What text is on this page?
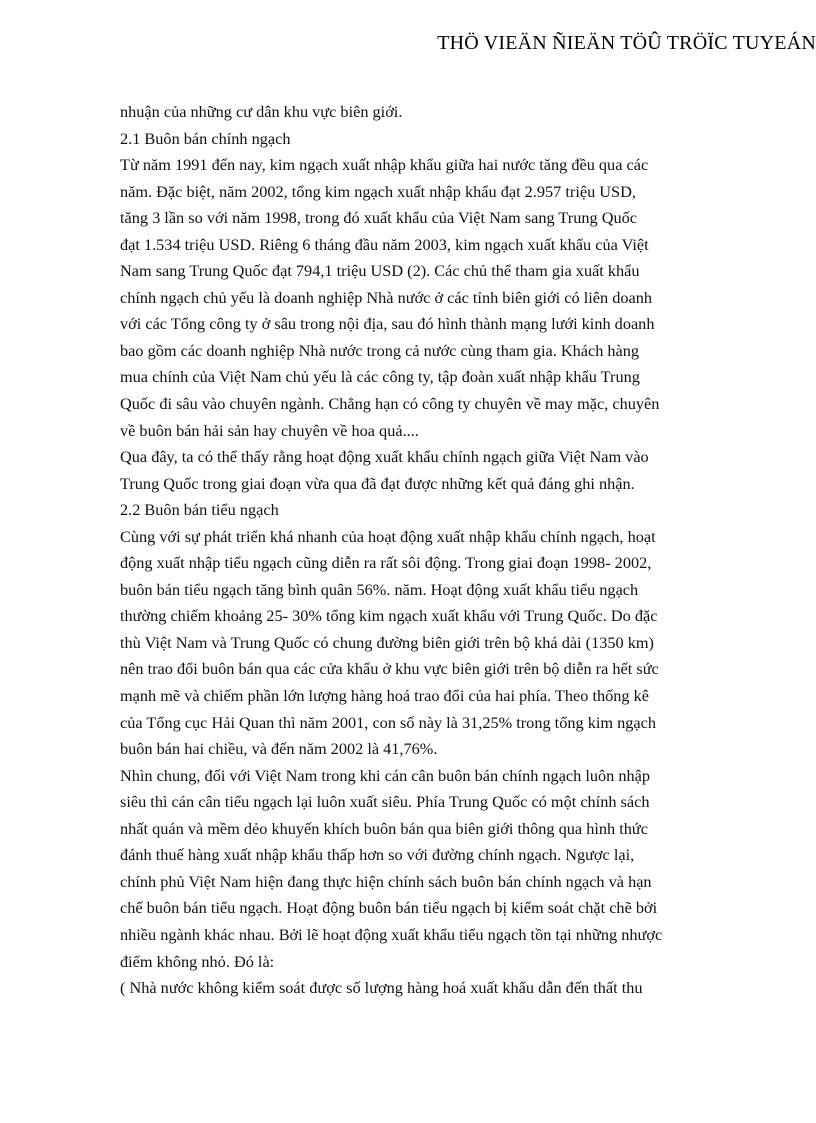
THÖ VIEÄN ÑIEÄN TÖÛ TRÖÏC TUYEÁN
nhuận của những cư dân khu vực biên giới.
2.1 Buôn bán chính ngạch
Từ năm 1991 đến nay, kim ngạch xuất nhập khẩu giữa hai nước tăng đều qua các
năm. Đặc biệt, năm 2002, tổng kim ngạch xuất nhập khẩu đạt 2.957 triệu USD,
tăng 3 lần so với năm 1998, trong đó xuất khẩu của Việt Nam sang Trung Quốc
đạt 1.534 triệu USD. Riêng 6 tháng đầu năm 2003, kim ngạch xuất khẩu của Việt
Nam sang Trung Quốc đạt 794,1 triệu USD (2). Các chủ thể tham gia xuất khẩu
chính ngạch chủ yếu là doanh nghiệp Nhà nước ở các tỉnh biên giới có liên doanh
với các Tổng công ty ở sâu trong nội địa, sau đó hình thành mạng lưới kinh doanh
bao gồm các doanh nghiệp Nhà nước trong cả nước cùng tham gia. Khách hàng
mua chính của Việt Nam chủ yếu là các công ty, tập đoàn xuất nhập khẩu Trung
Quốc đi sâu vào chuyên ngành. Chẳng hạn có công ty chuyên về may mặc, chuyên
về buôn bán hải sản hay chuyên về hoa quả....
Qua đây, ta có thể thấy rằng hoạt động xuất khẩu chính ngạch giữa Việt Nam vào
Trung Quốc trong giai đoạn vừa qua đã đạt được những kết quả đáng ghi nhận.
2.2 Buôn bán tiểu ngạch
Cùng với sự phát triển khá nhanh của hoạt động xuất nhập khẩu chính ngạch, hoạt
động xuất nhập tiểu ngạch cũng diễn ra rất sôi động. Trong giai đoạn 1998- 2002,
buôn bán tiểu ngạch tăng bình quân 56%. năm. Hoạt động xuất khẩu tiểu ngạch
thường chiếm khoảng 25- 30% tổng kim ngạch xuất khẩu với Trung Quốc. Do đặc
thù Việt Nam và Trung Quốc có chung đường biên giới trên bộ khá dài (1350 km)
nên trao đổi buôn bán qua các cửa khẩu ở khu vực biên giới trên bộ diễn ra hết sức
mạnh mẽ và chiếm phần lớn lượng hàng hoá trao đổi của hai phía. Theo thống kê
của Tổng cục Hải Quan thì năm 2001, con số này là 31,25% trong tổng kim ngạch
buôn bán hai chiều, và đến năm 2002 là 41,76%.
Nhìn chung, đối với Việt Nam trong khi cán cân buôn bán chính ngạch luôn nhập
siêu thì cán cân tiểu ngạch lại luôn xuất siêu. Phía Trung Quốc có một chính sách
nhất quán và mềm dẻo khuyến khích buôn bán qua biên giới thông qua hình thức
đánh thuế hàng xuất nhập khẩu thấp hơn so với đường chính ngạch. Ngược lại,
chính phủ Việt Nam hiện đang thực hiện chính sách buôn bán chính ngạch và hạn
chế buôn bán tiểu ngạch. Hoạt động buôn bán tiểu ngạch bị kiểm soát chặt chẽ bởi
nhiều ngành khác nhau. Bởi lẽ hoạt động xuất khẩu tiểu ngạch tồn tại những nhược
điểm không nhỏ. Đó là:
( Nhà nước không kiểm soát được số lượng hàng hoá xuất khẩu dẫn đến thất thu
